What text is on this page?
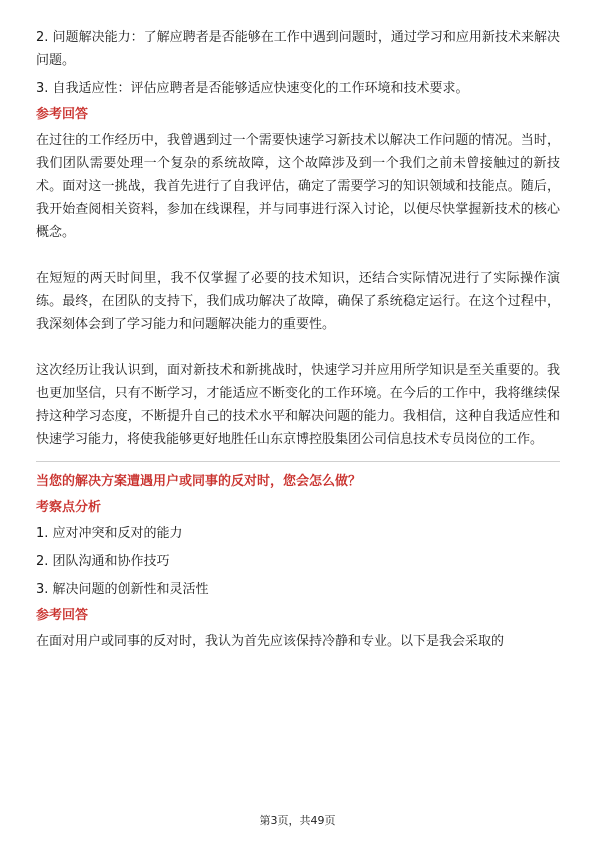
2. 问题解决能力：了解应聘者是否能够在工作中遇到问题时，通过学习和应用新技术来解决问题。

3. 自我适应性：评估应聘者是否能够适应快速变化的工作环境和技术要求。

参考回答

在过往的工作经历中，我曾遇到过一个需要快速学习新技术以解决工作问题的情况。当时，我们团队需要处理一个复杂的系统故障，这个故障涉及到一个我们之前未曾接触过的新技术。面对这一挑战，我首先进行了自我评估，确定了需要学习的知识领域和技能点。随后，我开始查阅相关资料，参加在线课程，并与同事进行深入讨论，以便尽快掌握新技术的核心概念。

在短短的两天时间里，我不仅掌握了必要的技术知识，还结合实际情况进行了实际操作演练。最终，在团队的支持下，我们成功解决了故障，确保了系统稳定运行。在这个过程中，我深刻体会到了学习能力和问题解决能力的重要性。

这次经历让我认识到，面对新技术和新挑战时，快速学习并应用所学知识是至关重要的。我也更加坚信，只有不断学习，才能适应不断变化的工作环境。在今后的工作中，我将继续保持这种学习态度，不断提升自己的技术水平和解决问题的能力。我相信，这种自我适应性和快速学习能力，将使我能够更好地胜任山东京博控股集团公司信息技术专员岗位的工作。

当您的解决方案遭遇用户或同事的反对时，您会怎么做？
考察点分析

1. 应对冲突和反对的能力

2. 团队沟通和协作技巧

3. 解决问题的创新性和灵活性

参考回答

在面对用户或同事的反对时，我认为首先应该保持冷静和专业。以下是我会采取的

第3页，共49页
